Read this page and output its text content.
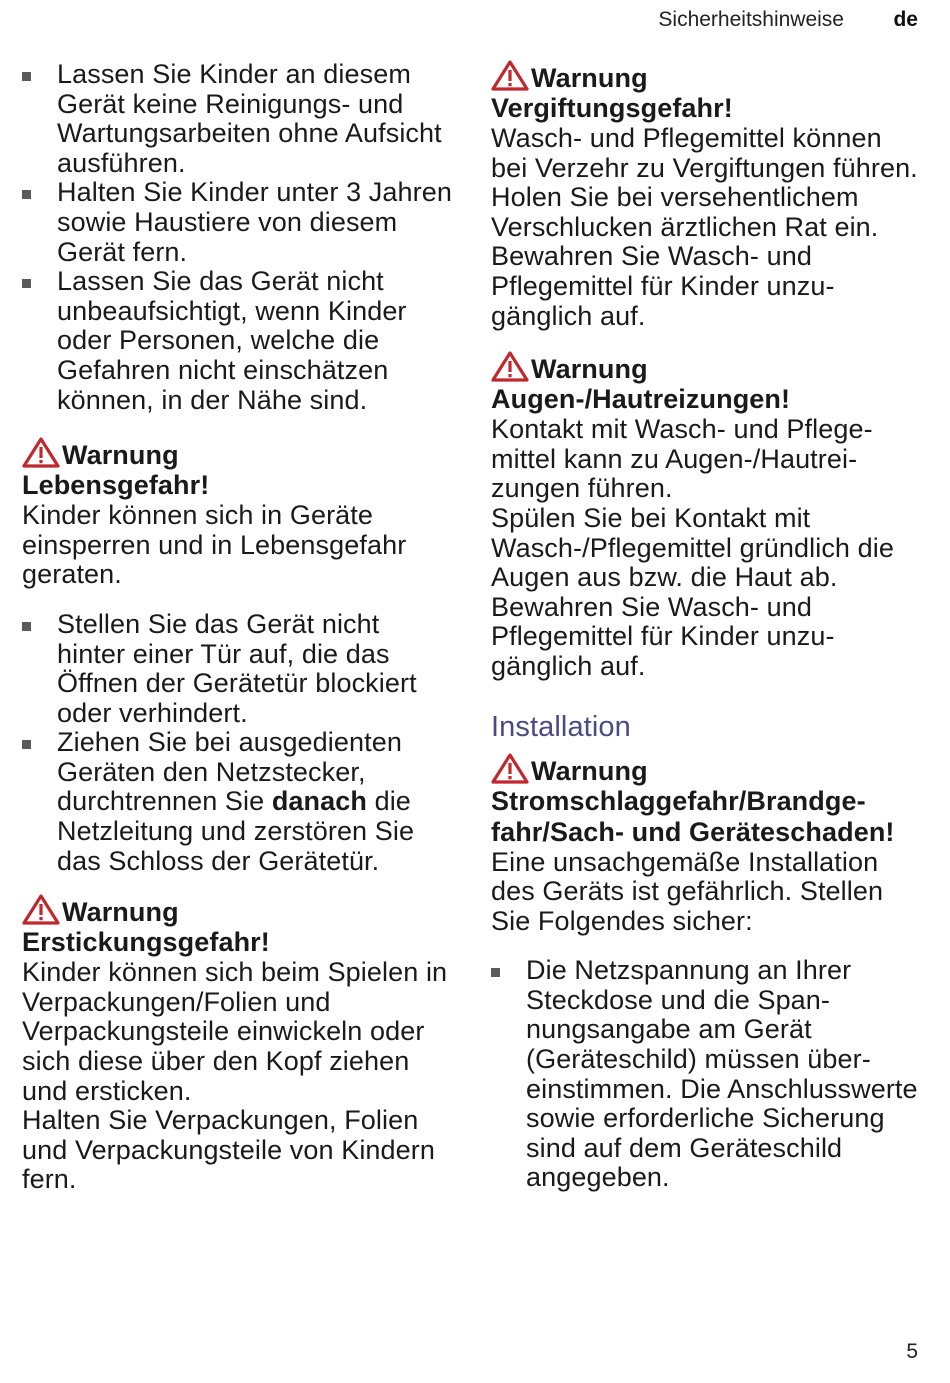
Sicherheitshinweise de
Lassen Sie Kinder an diesem Gerät keine Reinigungs- und Wartungsarbeiten ohne Aufsicht ausführen.
Halten Sie Kinder unter 3 Jahren sowie Haustiere von diesem Gerät fern.
Lassen Sie das Gerät nicht unbeaufsichtigt, wenn Kinder oder Personen, welche die Gefahren nicht einschätzen können, in der Nähe sind.
Warnung
Lebensgefahr!

Kinder können sich in Geräte einsperren und in Lebensgefahr geraten.

Stellen Sie das Gerät nicht hinter einer Tür auf, die das Öffnen der Gerätetür blockiert oder verhindert.
Ziehen Sie bei ausgedienten Geräten den Netzstecker, durchtrennen Sie danach die Netzleitung und zerstören Sie das Schloss der Gerätetür.
Warnung
Erstickungsgefahr!

Kinder können sich beim Spielen in Verpackungen/Folien und Verpackungsteile einwickeln oder sich diese über den Kopf ziehen und ersticken.

Halten Sie Verpackungen, Folien und Verpackungsteile von Kindern fern.

Warnung
Vergiftungsgefahr!

Wasch- und Pflegemittel können bei Verzehr zu Vergiftungen führen.

Holen Sie bei versehentlichem Verschlucken ärztlichen Rat ein. Bewahren Sie Wasch- und Pflegemittel für Kinder unzugänglich auf.

Warnung
Augen-/Hautreizungen!

Kontakt mit Wasch- und Pflegemittel kann zu Augen-/Hautreizungen führen.

Spülen Sie bei Kontakt mit Wasch-/Pflegemittel gründlich die Augen aus bzw. die Haut ab. Bewahren Sie Wasch- und Pflegemittel für Kinder unzugänglich auf.

Installation
Warnung
Stromschlaggefahr/Brandgefahr/Sach- und Geräteschaden!

Eine unsachgemäße Installation des Geräts ist gefährlich. Stellen Sie Folgendes sicher:

Die Netzspannung an Ihrer Steckdose und die Spannungsangabe am Gerät (Geräteschild) müssen übereinstimmen. Die Anschlusswerte sowie erforderliche Sicherung sind auf dem Geräteschild angegeben.
5
